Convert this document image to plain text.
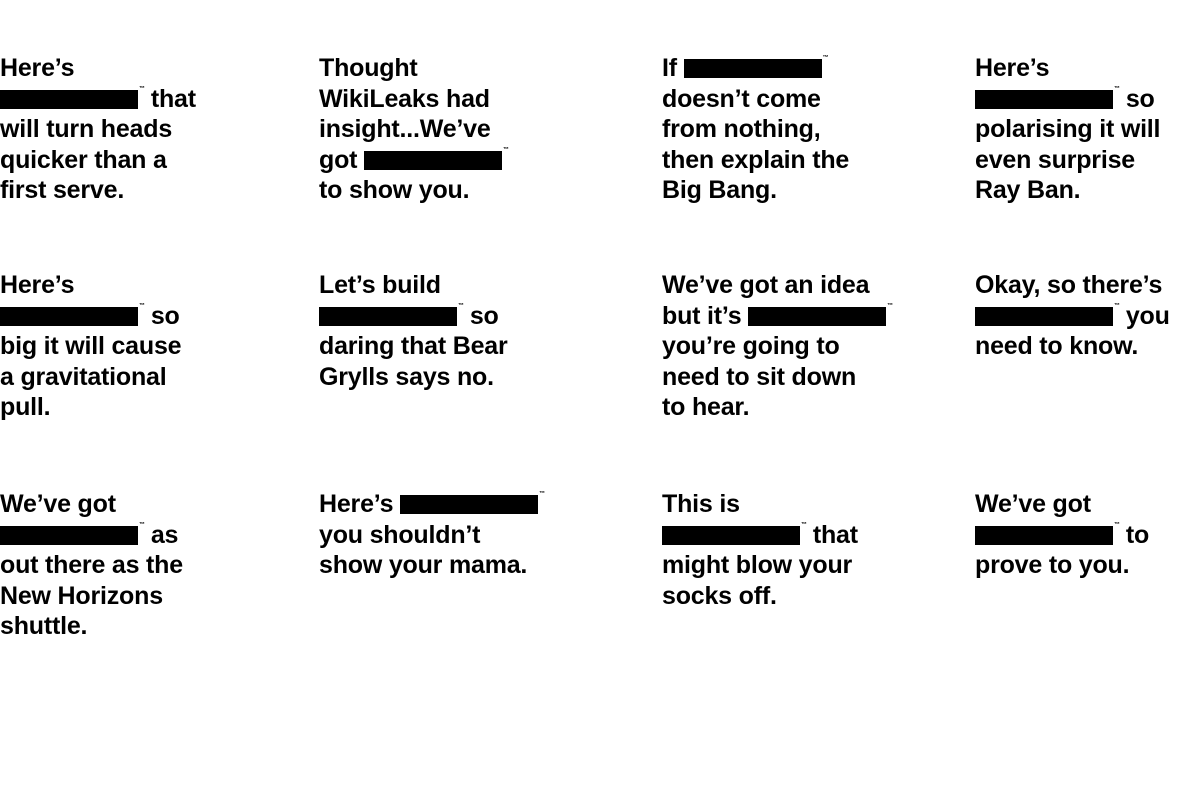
Here’s
™ that
will turn heads
quicker than a
first serve.

Thought
WikiLeaks had
insight...We’ve
got	™
to show you.

If	™
doesn’t come
from nothing,
then explain the
Big Bang.

Here’s
™ so
polarising it will
even surprise
Ray Ban.

Here’s
™ so
big it will cause
a gravitational
pull.

Let’s build
™ so
daring that Bear
Grylls says no.

We’ve got an idea
but it’s	™
you’re going to
need to sit down
to hear.

Okay, so there’s
™ you
need to know.

We’ve got
™ as
out there as the
New Horizons
shuttle.

Here’s	™
you shouldn’t
show your mama.

This is
™ that
might blow your
socks off.

We’ve got
™ to
prove to you.
